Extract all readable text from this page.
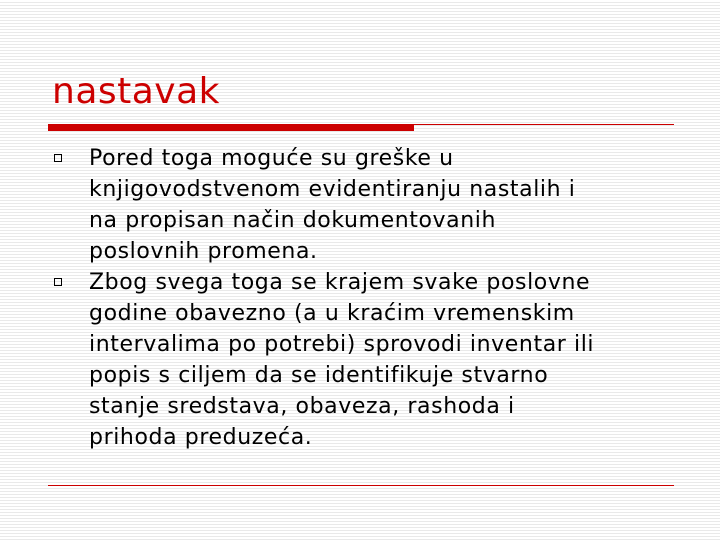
nastavak
Pored toga moguće su greške u
knjigovodstvenom evidentiranju nastalih i
na propisan način dokumentovanih
poslovnih promena.
Zbog svega toga se krajem svake poslovne
godine obavezno (a u kraćim vremenskim
intervalima po potrebi) sprovodi inventar ili
popis s ciljem da se identifikuje stvarno
stanje sredstava, obaveza, rashoda i
prihoda preduzeća.
